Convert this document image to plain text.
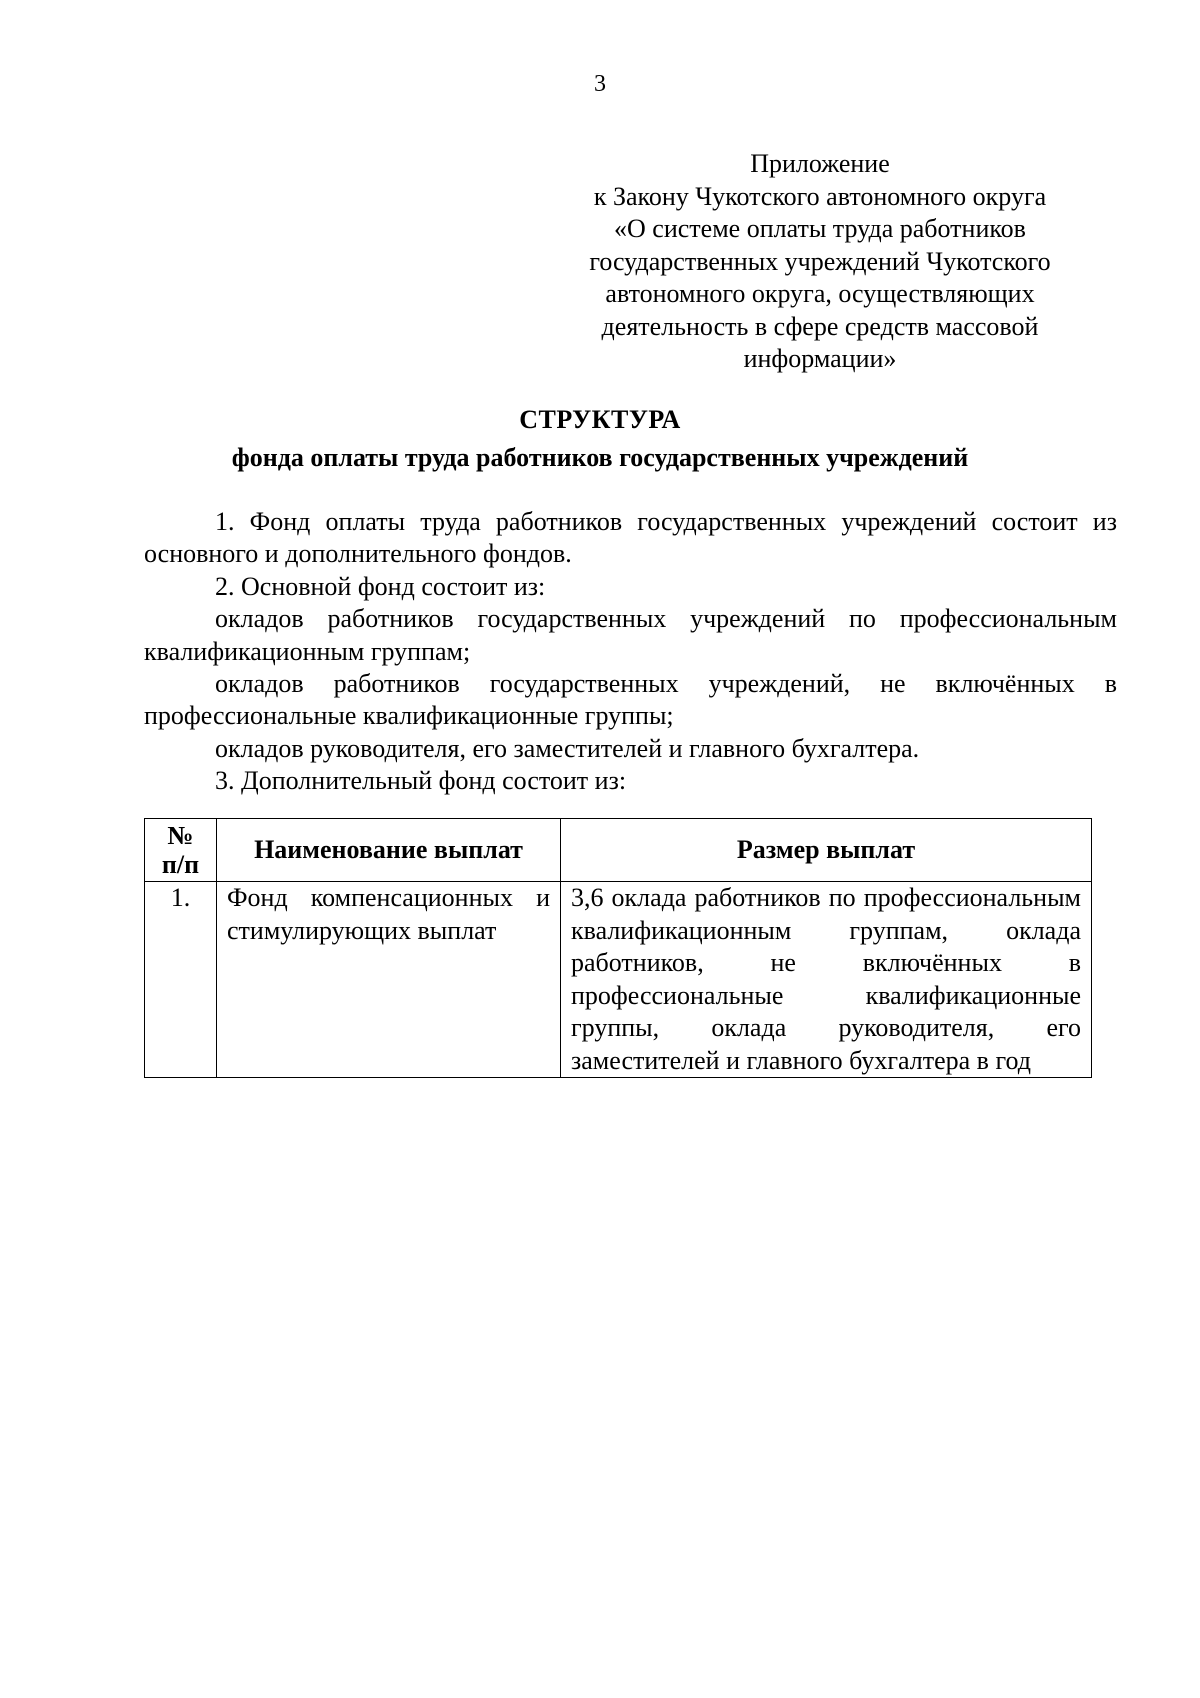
3
Приложение
к Закону Чукотского автономного округа
«О системе оплаты труда работников
государственных учреждений Чукотского
автономного округа, осуществляющих
деятельность в сфере средств массовой
информации»
СТРУКТУРА
фонда оплаты труда работников государственных учреждений

1. Фонд оплаты труда работников государственных учреждений состоит из основного и дополнительного фондов.

2. Основной фонд состоит из:

окладов работников государственных учреждений по профессиональным квалификационным группам;

окладов работников государственных учреждений, не включённых в профессиональные квалификационные группы;

окладов руководителя, его заместителей и главного бухгалтера.

3. Дополнительный фонд состоит из:

№
п/п	Наименование выплат	Размер выплат
1.	Фонд компенсационных и стимулирующих выплат	3,6 оклада работников по профессиональным квалификационным группам, оклада работников, не включённых в профессиональные квалификационные группы, оклада руководителя, его заместителей и главного бухгалтера в год
